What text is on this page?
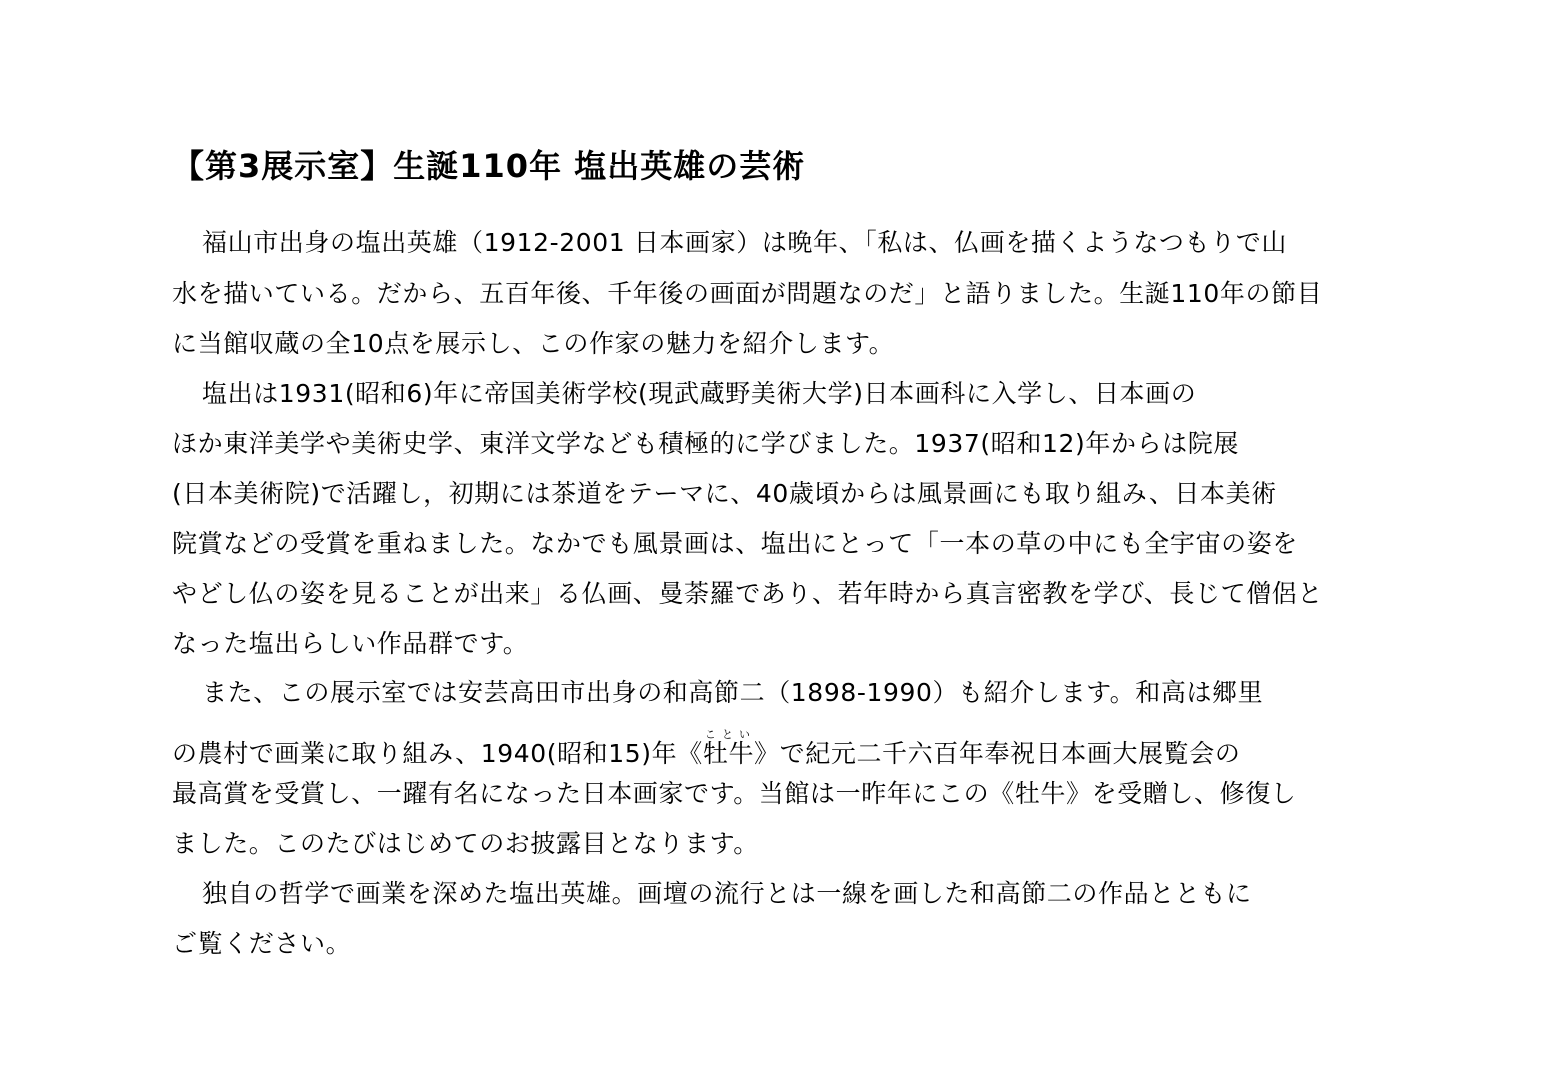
【第3展示室】生誕110年 塩出英雄の芸術

福山市出身の塩出英雄（1912-2001 日本画家）は晩年、「私は、仏画を描くようなつもりで山

水を描いている。だから、五百年後、千年後の画面が問題なのだ」と語りました。生誕110年の節目

に当館収蔵の全10点を展示し、この作家の魅力を紹介します。

塩出は1931(昭和6)年に帝国美術学校(現武蔵野美術大学)日本画科に入学し、日本画の

ほか東洋美学や美術史学、東洋文学なども積極的に学びました。1937(昭和12)年からは院展

(日本美術院)で活躍し，初期には茶道をテーマに、40歳頃からは風景画にも取り組み、日本美術

院賞などの受賞を重ねました。なかでも風景画は、塩出にとって「一本の草の中にも全宇宙の姿を

やどし仏の姿を見ることが出来」る仏画、曼荼羅であり、若年時から真言密教を学び、長じて僧侶と

なった塩出らしい作品群です。

また、この展示室では安芸高田市出身の和高節二（1898-1990）も紹介します。和高は郷里

の農村で画業に取り組み、1940(昭和15)年《牡牛ことい》で紀元二千六百年奉祝日本画大展覧会の

最高賞を受賞し、一躍有名になった日本画家です。当館は一昨年にこの《牡牛》を受贈し、修復し

ました。このたびはじめてのお披露目となります。

独自の哲学で画業を深めた塩出英雄。画壇の流行とは一線を画した和高節二の作品とともに

ご覧ください。
